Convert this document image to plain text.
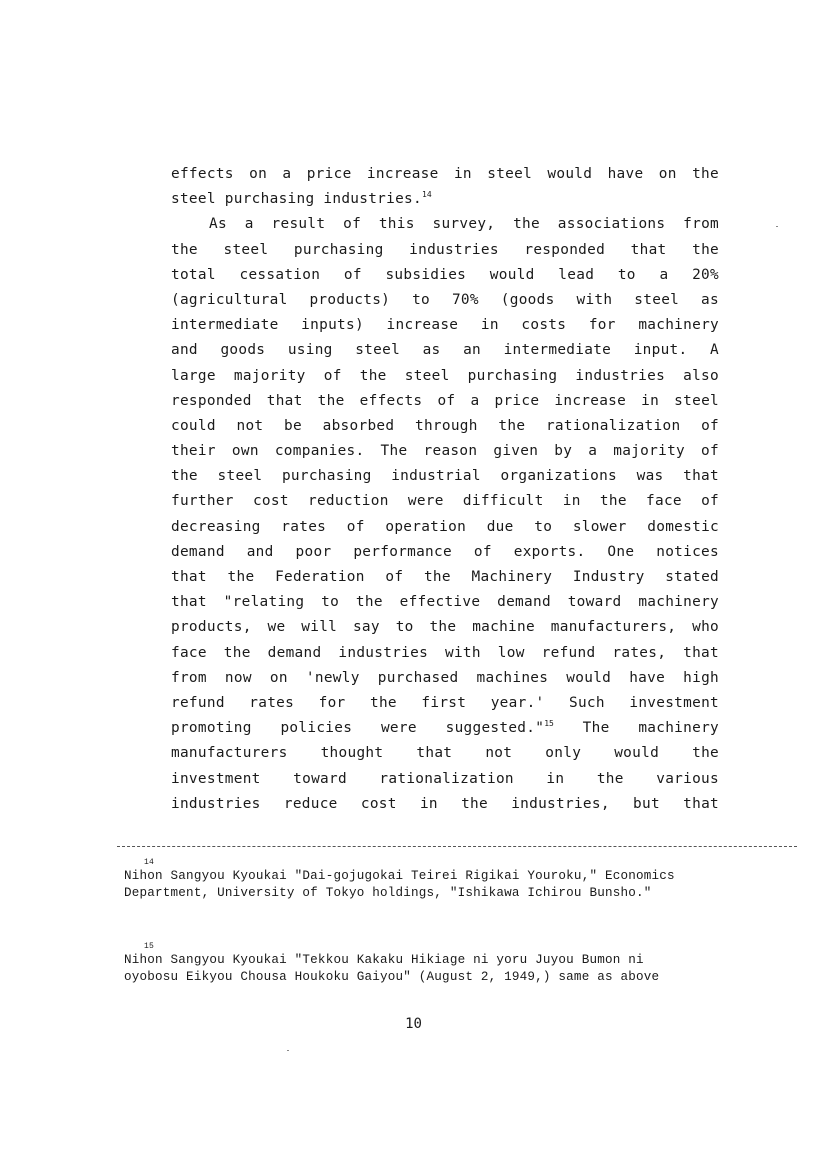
effects on a price increase in steel would have on the
steel purchasing industries.$^{14}$
As a result of this survey, the associations from
the steel purchasing industries responded that the
total cessation of subsidies would lead to a 20%
(agricultural products) to 70% (goods with steel as
intermediate inputs) increase in costs for machinery
and goods using steel as an intermediate input. A
large majority of the steel purchasing industries also
responded that the effects of a price increase in steel
could not be absorbed through the rationalization of
their own companies. The reason given by a majority of
the steel purchasing industrial organizations was that
further cost reduction were difficult in the face of
decreasing rates of operation due to slower domestic
demand and poor performance of exports. One notices
that the Federation of the Machinery Industry stated
that "relating to the effective demand toward machinery
products, we will say to the machine manufacturers, who
face the demand industries with low refund rates, that
from now on 'newly purchased machines would have high
refund rates for the first year.' Such investment
promoting policies were suggested."$^{15}$ The machinery
manufacturers thought that not only would the
investment toward rationalization in the various
industries reduce cost in the industries, but that
14
Nihon Sangyou Kyoukai "Dai-gojugokai Teirei Rigikai Youroku," Economics
Department, University of Tokyo holdings, "Ishikawa Ichirou Bunsho."
15
Nihon Sangyou Kyoukai "Tekkou Kakaku Hikiage ni yoru Juyou Bumon ni
oyobosu Eikyou Chousa Houkoku Gaiyou" (August 2, 1949,) same as above
10
